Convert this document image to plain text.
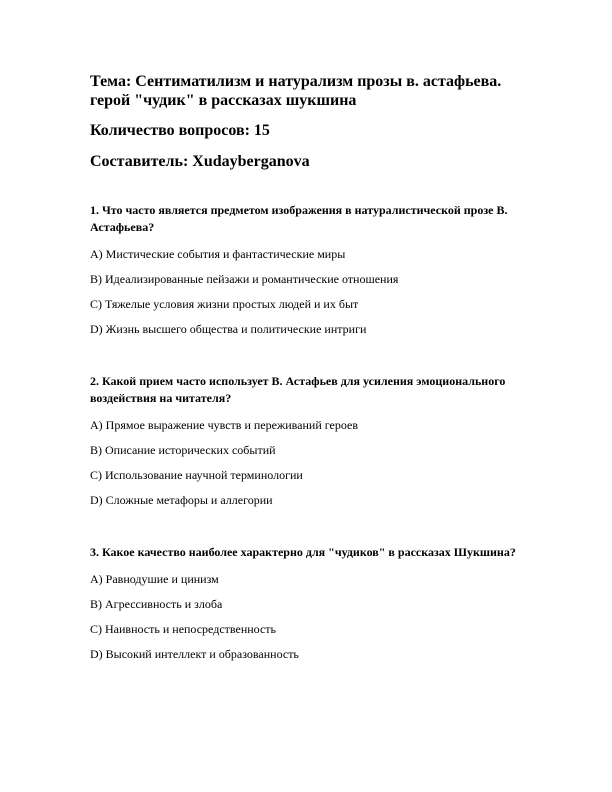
Тема: Сентиматилизм и натурализм прозы в. астафьева. герой "чудик" в рассказах шукшина

Количество вопросов: 15

Составитель: Xudayberganova

1. Что часто является предметом изображения в натуралистической прозе В. Астафьева?

A) Мистические события и фантастические миры

B) Идеализированные пейзажи и романтические отношения

C) Тяжелые условия жизни простых людей и их быт

D) Жизнь высшего общества и политические интриги

2. Какой прием часто использует В. Астафьев для усиления эмоционального воздействия на читателя?

A) Прямое выражение чувств и переживаний героев

B) Описание исторических событий

C) Использование научной терминологии

D) Сложные метафоры и аллегории

3. Какое качество наиболее характерно для "чудиков" в рассказах Шукшина?

A) Равнодушие и цинизм

B) Агрессивность и злоба

C) Наивность и непосредственность

D) Высокий интеллект и образованность
